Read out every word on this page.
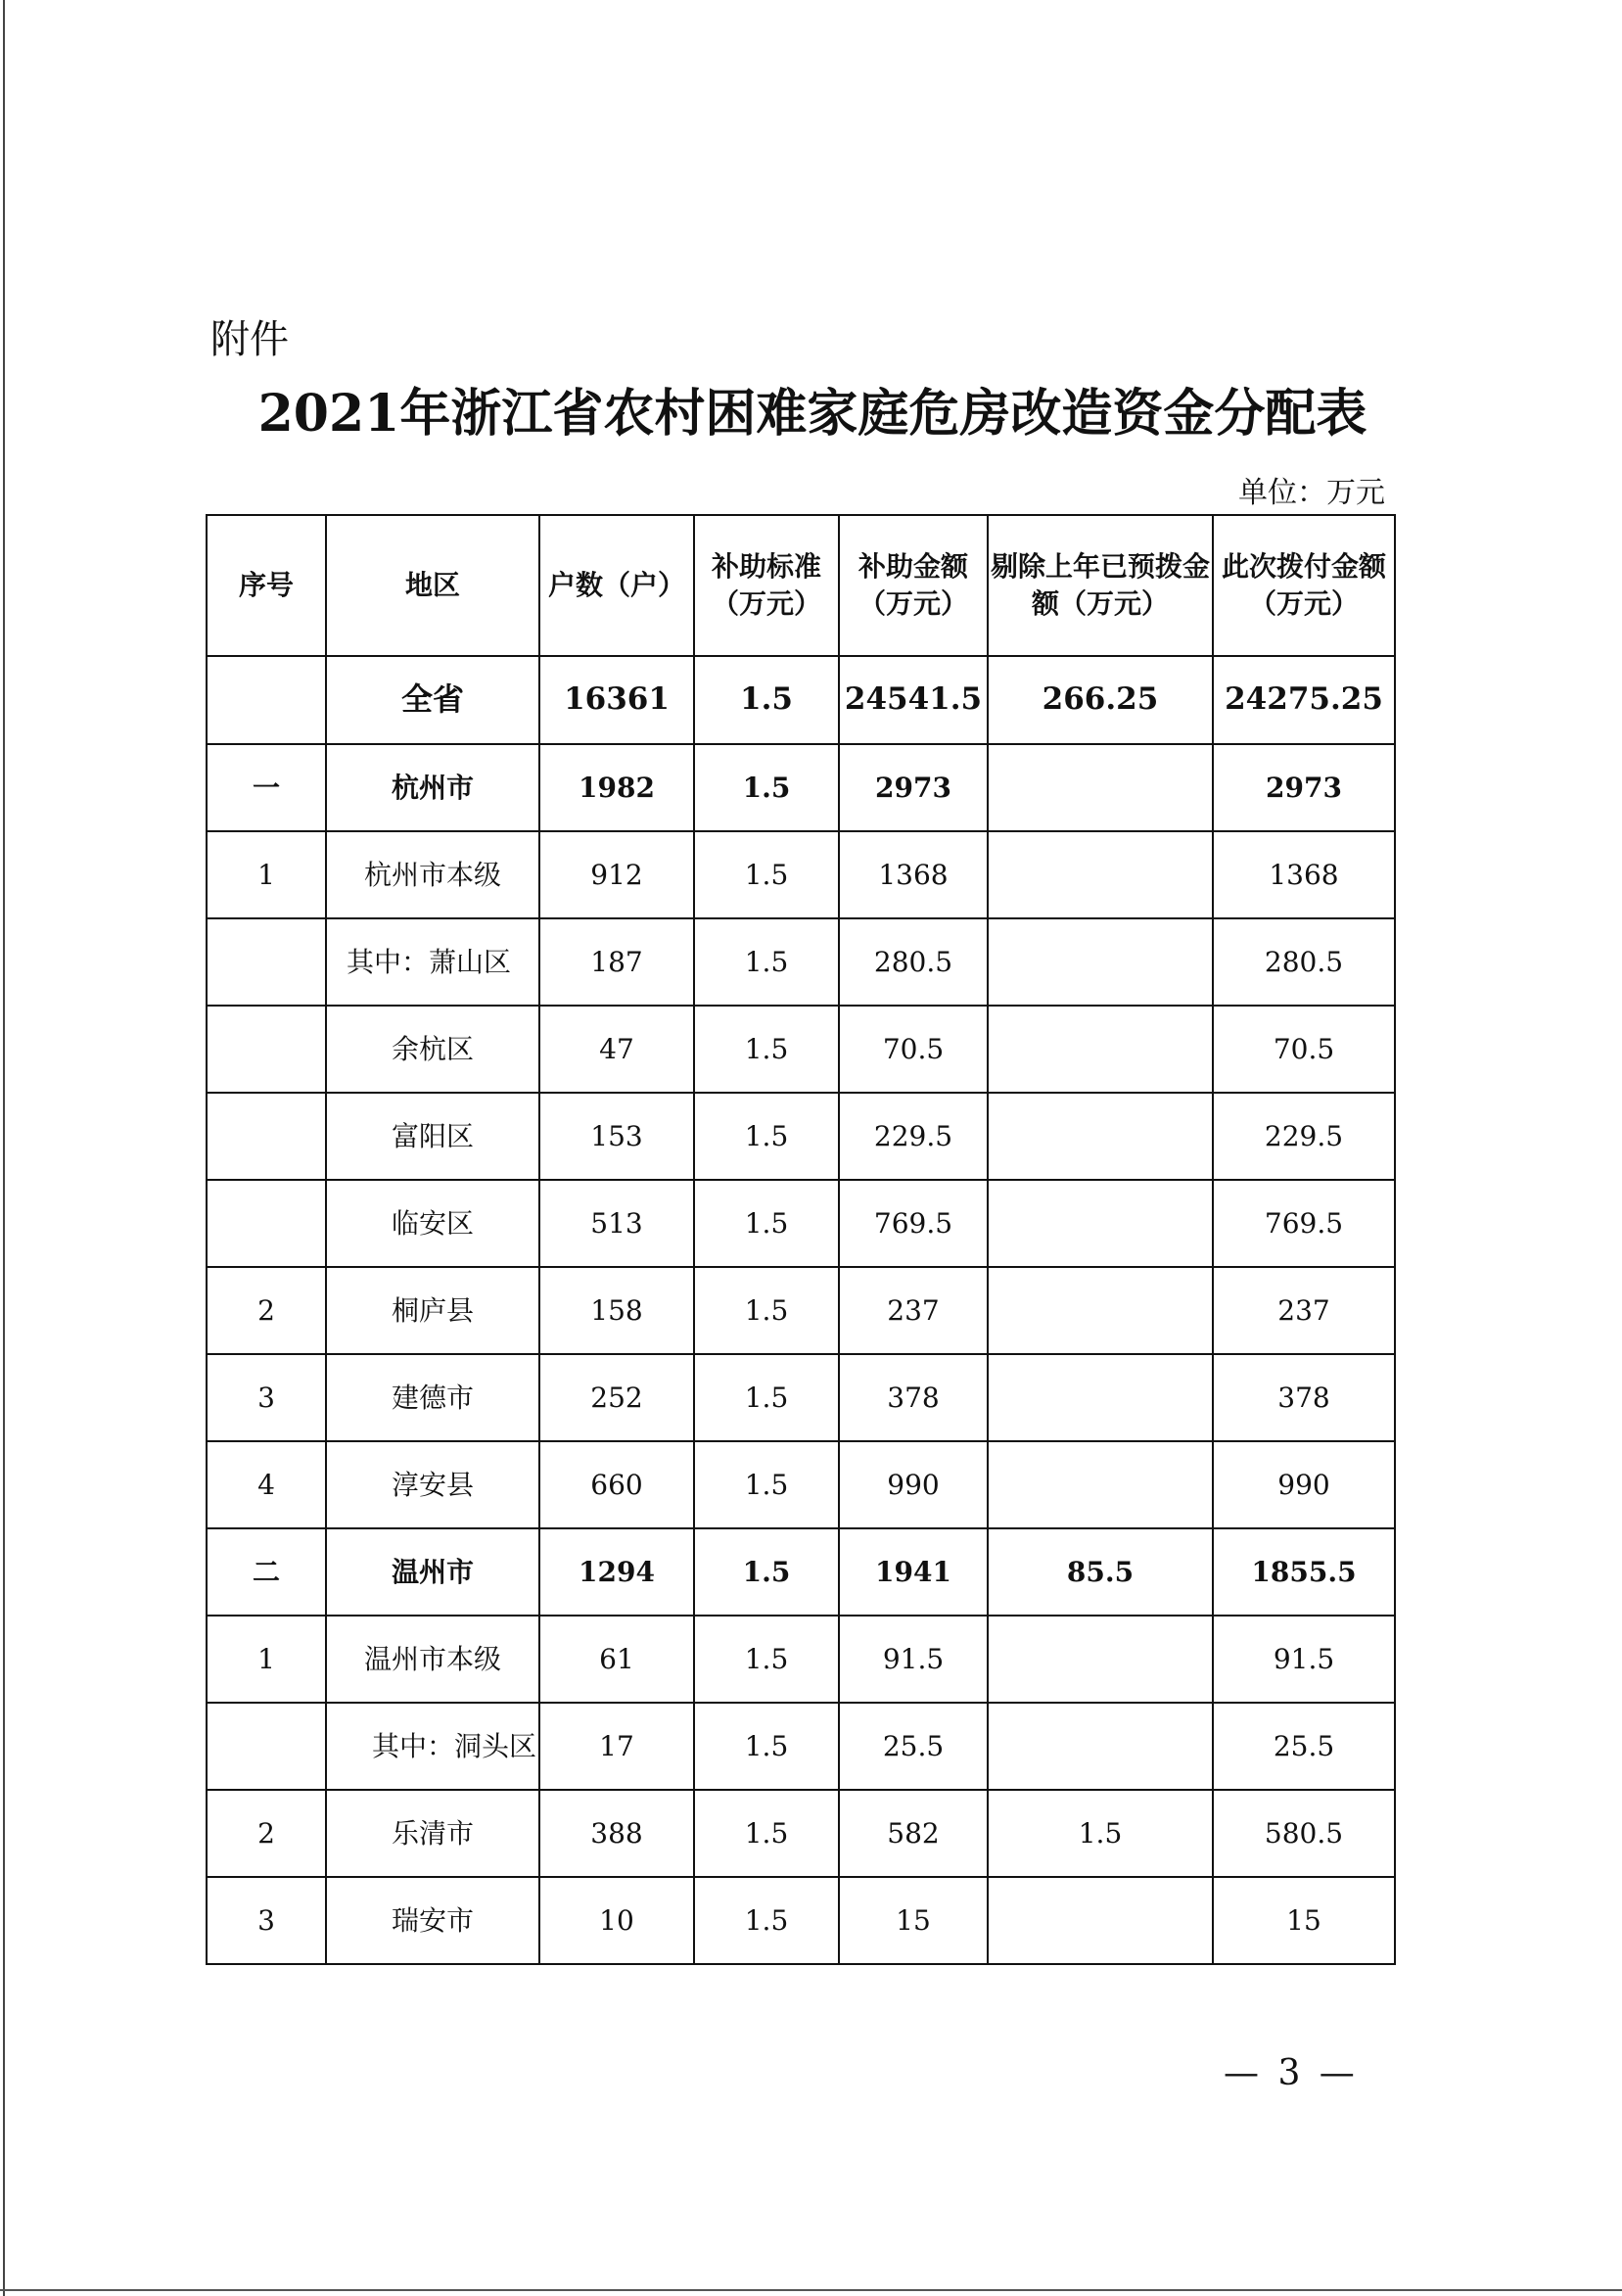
附件
2021年浙江省农村困难家庭危房改造资金分配表
单位：万元
序号	地区	户数（户）	补助标准（万元）	补助金额（万元）	剔除上年已预拨金额（万元）	此次拨付金额（万元）
	全省	16361	1.5	24541.5	266.25	24275.25
一	杭州市	1982	1.5	2973		2973
1	杭州市本级	912	1.5	1368		1368
	其中：萧山区	187	1.5	280.5		280.5
	余杭区	47	1.5	70.5		70.5
	富阳区	153	1.5	229.5		229.5
	临安区	513	1.5	769.5		769.5
2	桐庐县	158	1.5	237		237
3	建德市	252	1.5	378		378
4	淳安县	660	1.5	990		990
二	温州市	1294	1.5	1941	85.5	1855.5
1	温州市本级	61	1.5	91.5		91.5
	其中：洞头区	17	1.5	25.5		25.5
2	乐清市	388	1.5	582	1.5	580.5
3	瑞安市	10	1.5	15		15
— 3 —
